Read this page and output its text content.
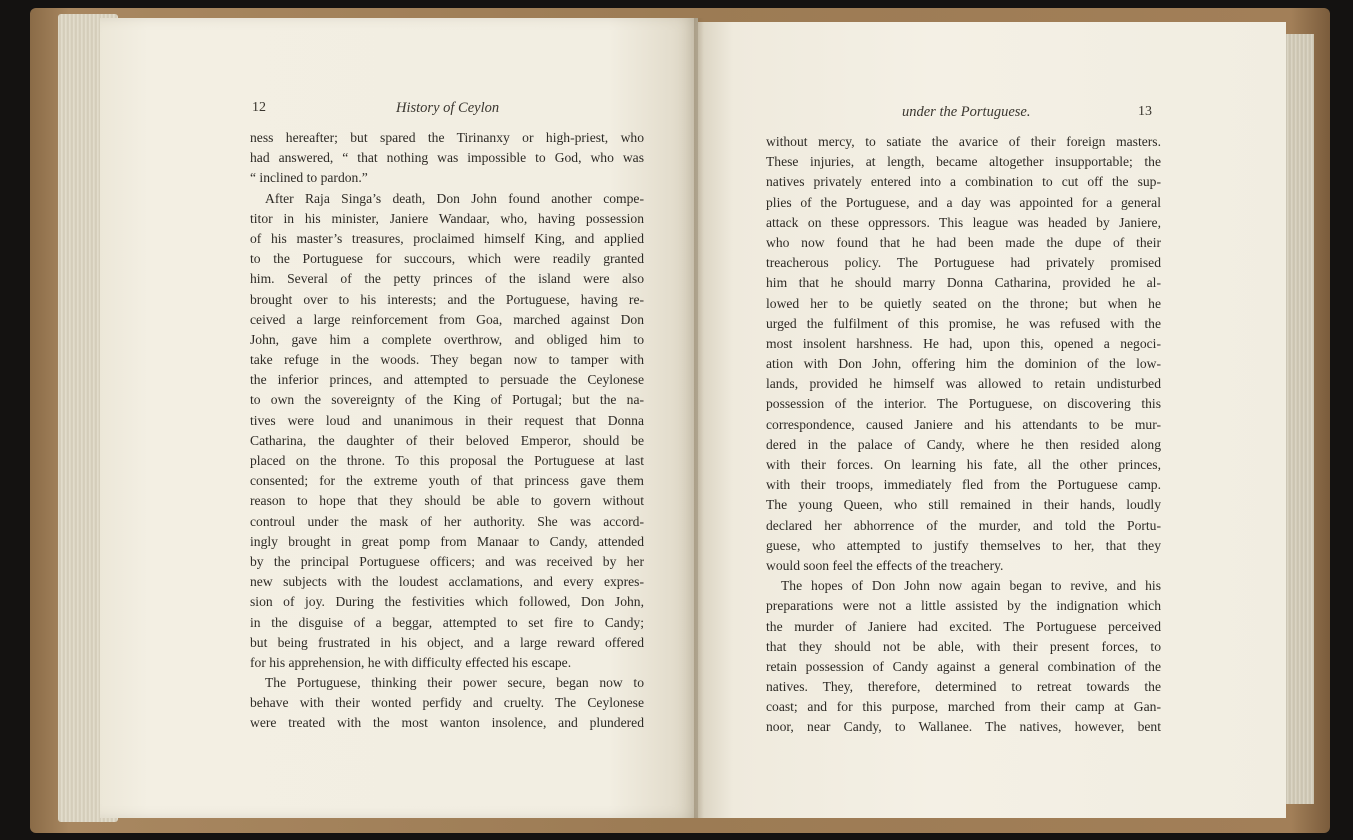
12	History of Ceylon
ness hereafter; but spared the Tirinanxy or high-priest, who
had answered, “ that nothing was impossible to God, who was
“ inclined to pardon.”
After Raja Singa’s death, Don John found another compe-
titor in his minister, Janiere Wandaar, who, having possession
of his master’s treasures, proclaimed himself King, and applied
to the Portuguese for succours, which were readily granted
him. Several of the petty princes of the island were also
brought over to his interests; and the Portuguese, having re-
ceived a large reinforcement from Goa, marched against Don
John, gave him a complete overthrow, and obliged him to
take refuge in the woods. They began now to tamper with
the inferior princes, and attempted to persuade the Ceylonese
to own the sovereignty of the King of Portugal; but the na-
tives were loud and unanimous in their request that Donna
Catharina, the daughter of their beloved Emperor, should be
placed on the throne. To this proposal the Portuguese at last
consented; for the extreme youth of that princess gave them
reason to hope that they should be able to govern without
controul under the mask of her authority. She was accord-
ingly brought in great pomp from Manaar to Candy, attended
by the principal Portuguese officers; and was received by her
new subjects with the loudest acclamations, and every expres-
sion of joy. During the festivities which followed, Don John,
in the disguise of a beggar, attempted to set fire to Candy;
but being frustrated in his object, and a large reward offered
for his apprehension, he with difficulty effected his escape.
The Portuguese, thinking their power secure, began now to
behave with their wonted perfidy and cruelty. The Ceylonese
were treated with the most wanton insolence, and plundered
under the Portuguese.	13
without mercy, to satiate the avarice of their foreign masters.
These injuries, at length, became altogether insupportable; the
natives privately entered into a combination to cut off the sup-
plies of the Portuguese, and a day was appointed for a general
attack on these oppressors. This league was headed by Janiere,
who now found that he had been made the dupe of their
treacherous policy. The Portuguese had privately promised
him that he should marry Donna Catharina, provided he al-
lowed her to be quietly seated on the throne; but when he
urged the fulfilment of this promise, he was refused with the
most insolent harshness. He had, upon this, opened a negoci-
ation with Don John, offering him the dominion of the low-
lands, provided he himself was allowed to retain undisturbed
possession of the interior. The Portuguese, on discovering this
correspondence, caused Janiere and his attendants to be mur-
dered in the palace of Candy, where he then resided along
with their forces. On learning his fate, all the other princes,
with their troops, immediately fled from the Portuguese camp.
The young Queen, who still remained in their hands, loudly
declared her abhorrence of the murder, and told the Portu-
guese, who attempted to justify themselves to her, that they
would soon feel the effects of the treachery.
The hopes of Don John now again began to revive, and his
preparations were not a little assisted by the indignation which
the murder of Janiere had excited. The Portuguese perceived
that they should not be able, with their present forces, to
retain possession of Candy against a general combination of the
natives. They, therefore, determined to retreat towards the
coast; and for this purpose, marched from their camp at Gan-
noor, near Candy, to Wallanee. The natives, however, bent
